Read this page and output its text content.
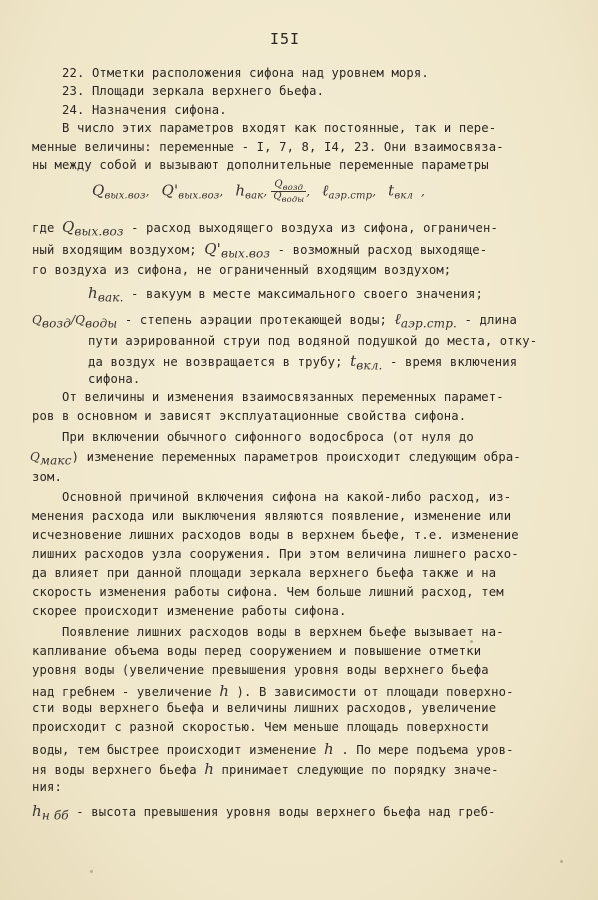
I5I
22. Отметки расположения сифона над уровнем моря.
23. Площади зеркала верхнего бьефа.
24. Назначения сифона.
В число этих параметров входят как постоянные, так и пере-
менные величины: переменные - I, 7, 8, I4, 23. Они взаимосвяза-
ны между собой и вызывают дополнительные переменные параметры
$Q_{вых.воз}$, $Q'_{вых.воз}$, $h_{вак}$, $\frac{Q_{возд}}{Q_{воды}}$ , ℓ$_{аэр.стр}$, $t_{вкл}$ ,
где $Q_{вых.воз}$ - расход выходящего воздуха из сифона, ограничен-
ный входящим воздухом; $Q'_{вых.воз}$ - возможный расход выходяще-
го воздуха из сифона, не ограниченный входящим воздухом;
$h_{вак.}$ - вакуум в месте максимального своего значения;
$Q_{возд}/Q_{воды}$ - степень аэрации протекающей воды; ℓ$_{аэр.стр.}$ - длина
пути аэрированной струи под водяной подушкой до места, отку-
да воздух не возвращается в трубу; $t_{вкл.}$ - время включения
сифона.
От величины и изменения взаимосвязанных переменных парамет-
ров в основном и зависят эксплуатационные свойства сифона.
При включении обычного сифонного водосброса (от нуля до
$Q_{макс}$) изменение переменных параметров происходит следующим обра-
зом.
Основной причиной включения сифона на какой-либо расход, из-
менения расхода или выключения являются появление, изменение или
исчезновение лишних расходов воды в верхнем бьефе, т.е. изменение
лишних расходов узла сооружения. При этом величина лишнего расхо-
да влияет при данной площади зеркала верхнего бьефа также и на
скорость изменения работы сифона. Чем больше лишний расход, тем
скорее происходит изменение работы сифона.
Появление лишних расходов воды в верхнем бьефе вызывает на-
капливание объема воды перед сооружением и повышение отметки
уровня воды (увеличение превышения уровня воды верхнего бьефа
над гребнем - увеличение h ). В зависимости от площади поверхно-
сти воды верхнего бьефа и величины лишних расходов, увеличение
происходит с разной скоростью. Чем меньше площадь поверхности
воды, тем быстрее происходит изменение h . По мере подъема уров-
ня воды верхнего бьефа h принимает следующие по порядку значе-
ния:
$h_{н бб}$ - высота превышения уровня воды верхнего бьефа над греб-
